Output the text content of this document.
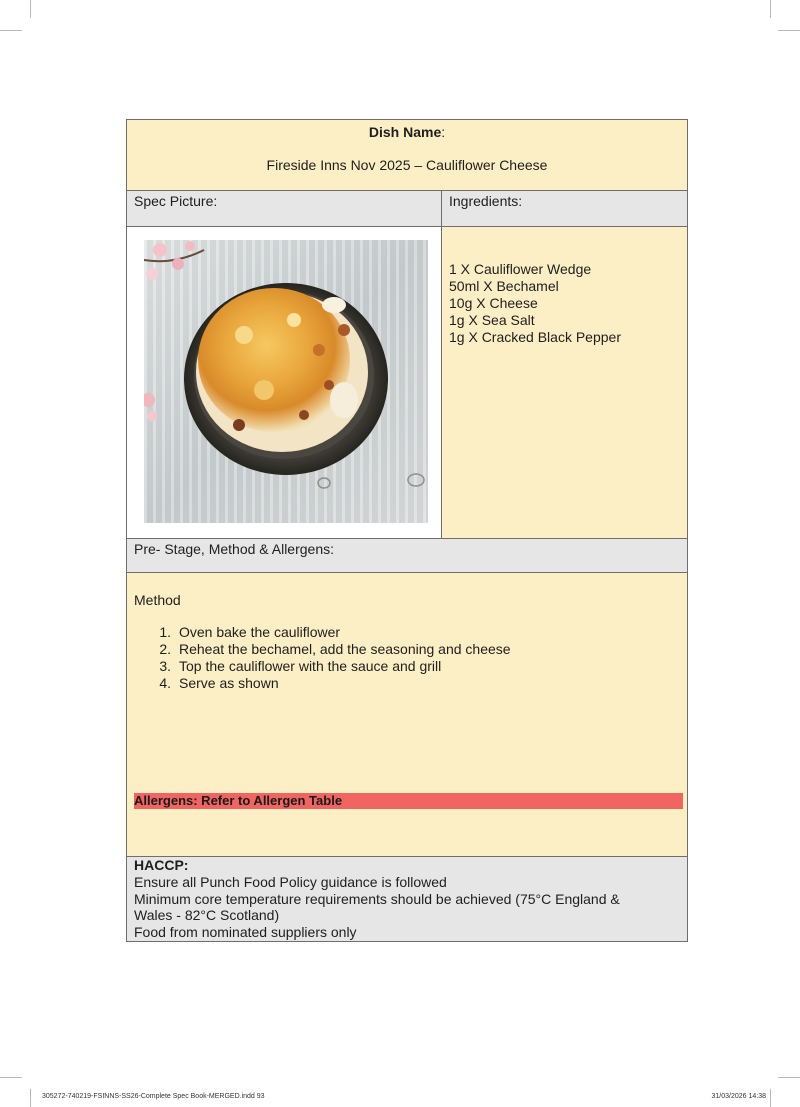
Dish Name:
Fireside Inns Nov 2025 – Cauliflower Cheese
Spec Picture:	Ingredients:
1 X Cauliflower Wedge
50ml X Bechamel
10g X Cheese
1g X Sea Salt
1g X Cracked Black Pepper
Pre- Stage, Method & Allergens:
Method
1. Oven bake the cauliflower
2. Reheat the bechamel, add the seasoning and cheese
3. Top the cauliflower with the sauce and grill
4. Serve as shown
Allergens: Refer to Allergen Table
HACCP:
Ensure all Punch Food Policy guidance is followed
Minimum core temperature requirements should be achieved (75°C England &
Wales - 82°C Scotland)
Food from nominated suppliers only
305272-740219-FSINNS-SS26-Complete Spec Book-MERGED.indd 93	31/03/2026 14:38
